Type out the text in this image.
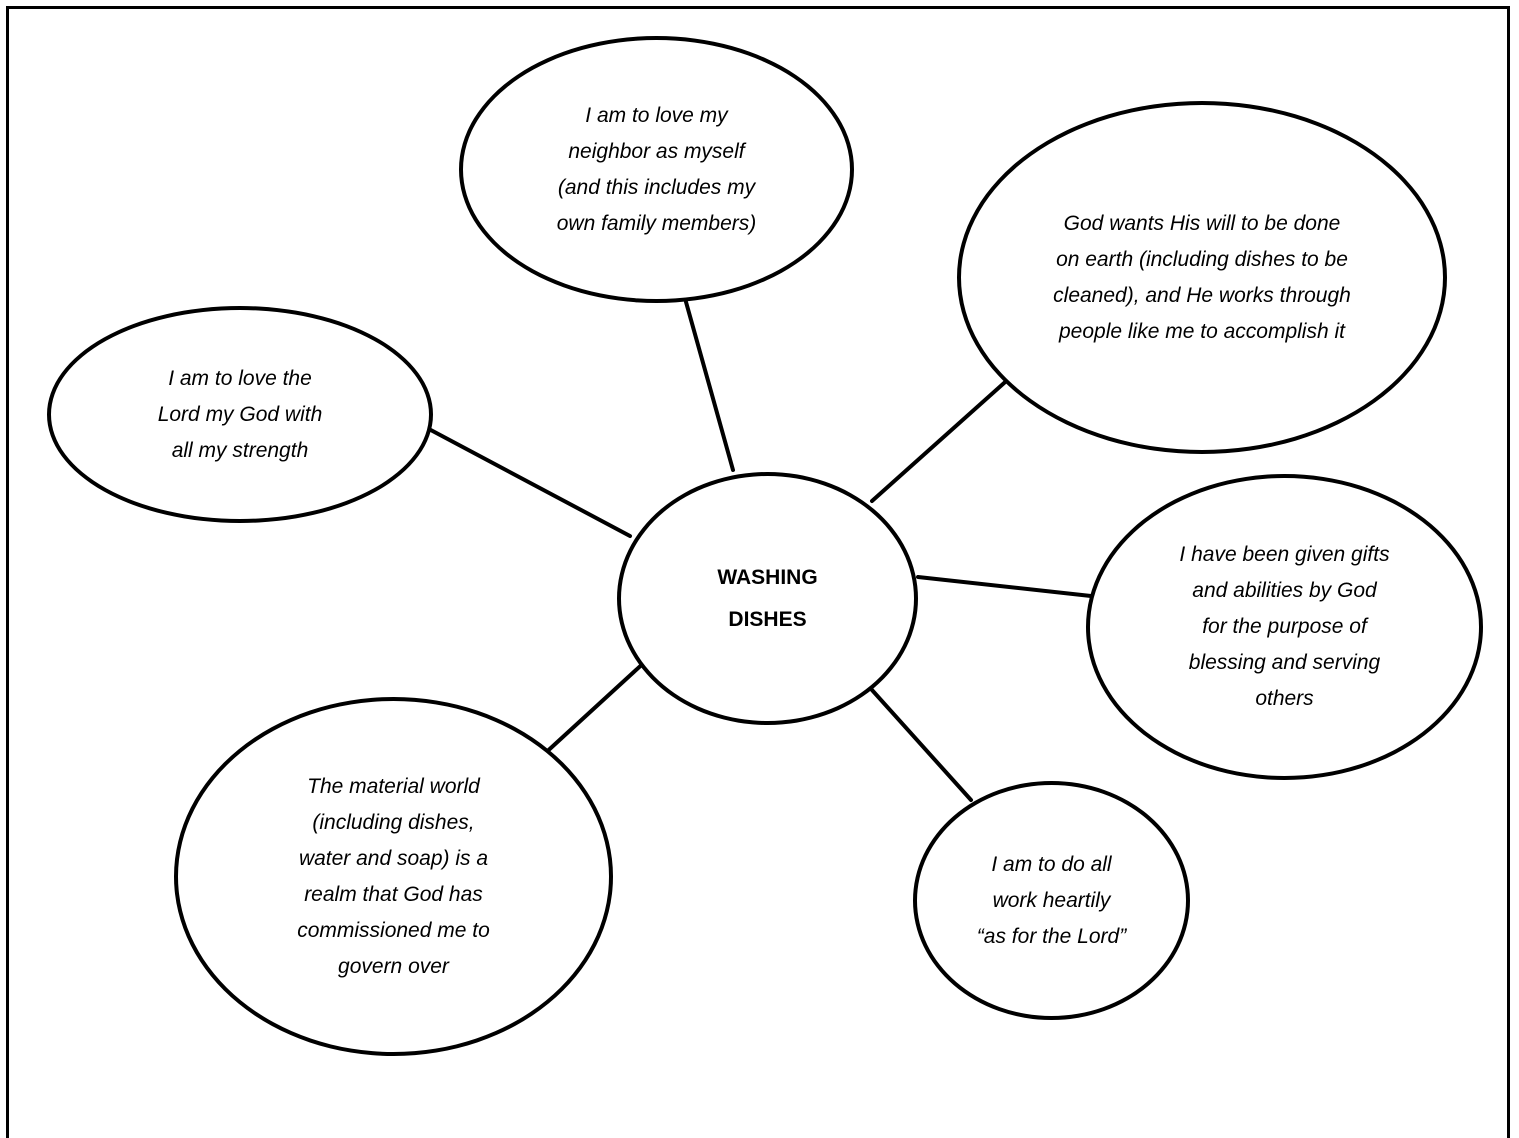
I am to love my
neighbor as myself
(and this includes my
own family members)	God wants His will to be done
on earth (including dishes to be
cleaned), and He works through
people like me to accomplish it
I am to love the
Lord my God with
all my strength
I have been given gifts
and abilities by God
for the purpose of
blessing and serving
others
WASHING
DISHES
The material world
(including dishes,
water and soap) is a
realm that God has
commissioned me to
govern over
I am to do all
work heartily
“as for the Lord”
